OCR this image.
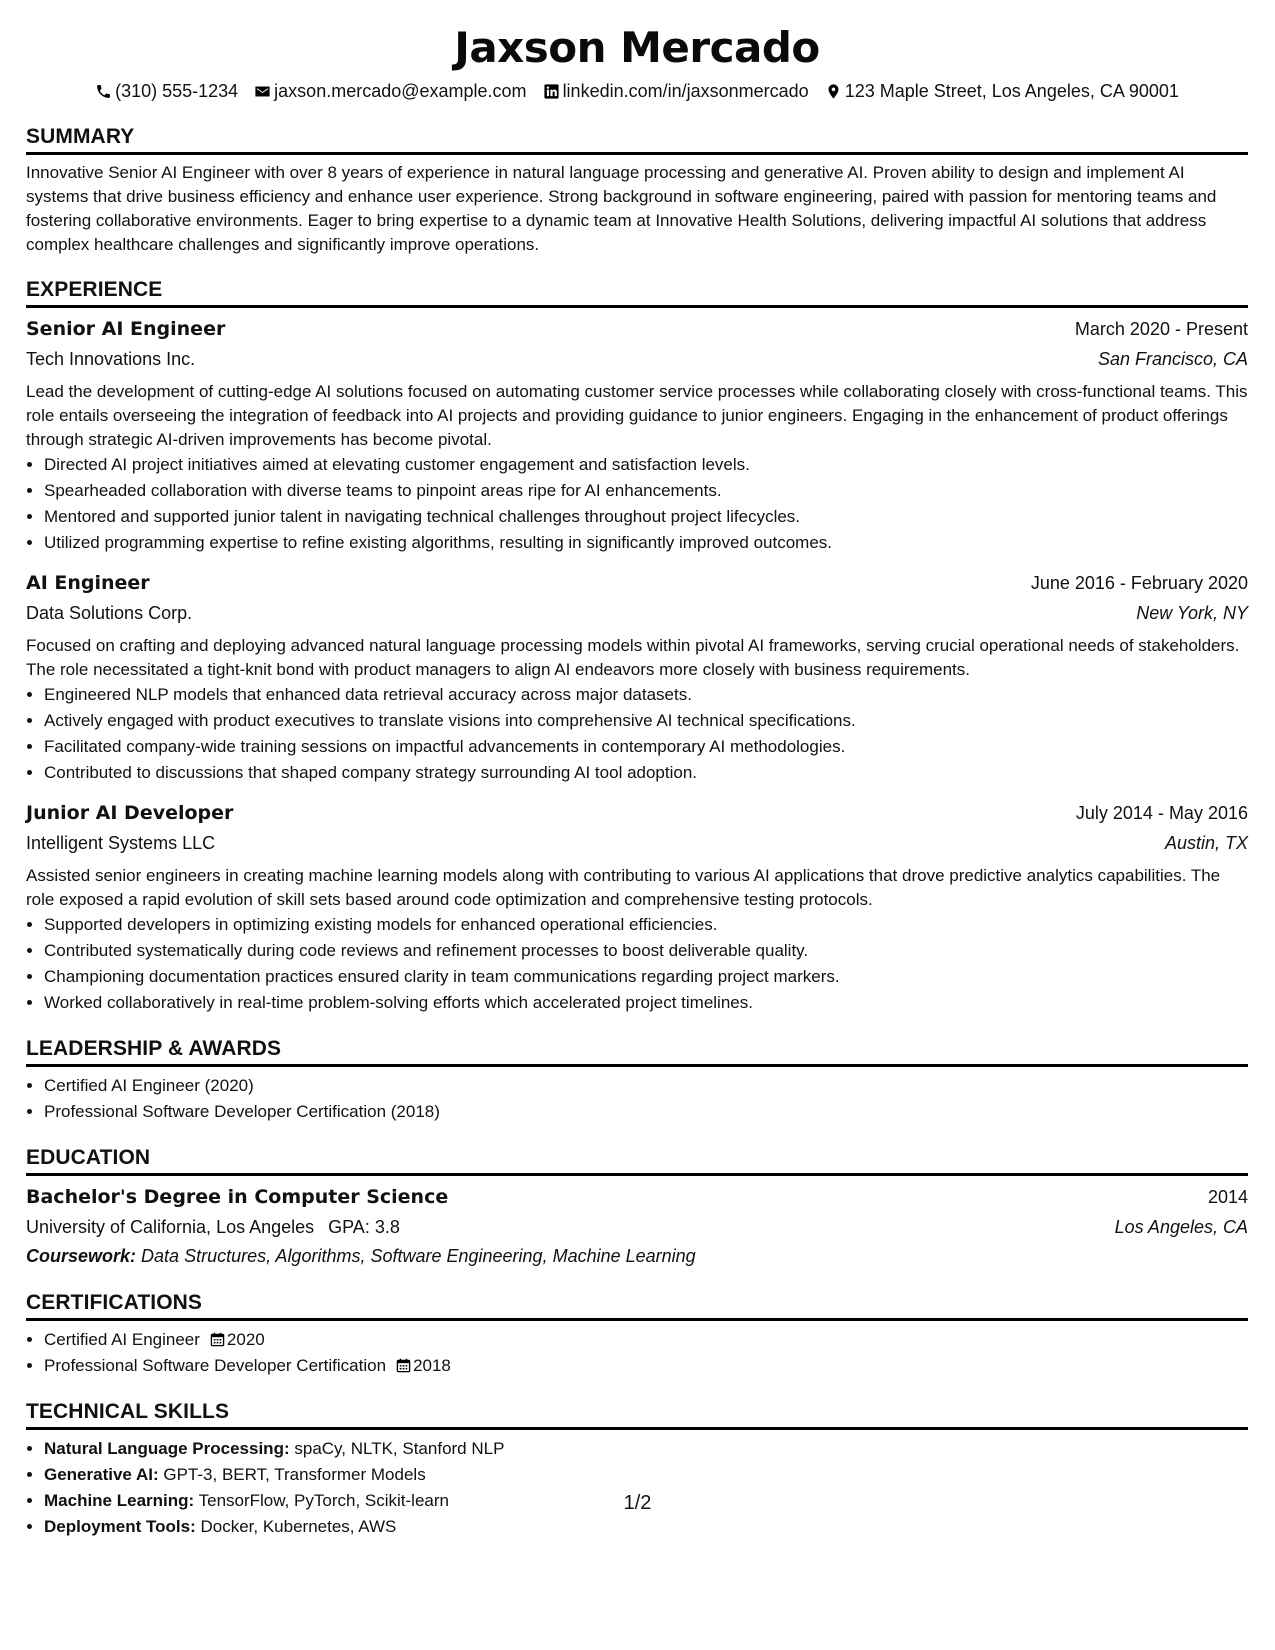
Jaxson Mercado
(310) 555-1234 jaxson.mercado@example.com linkedin.com/in/jaxsonmercado 123 Maple Street, Los Angeles, CA 90001
SUMMARY
Innovative Senior AI Engineer with over 8 years of experience in natural language processing and generative AI. Proven ability to design and implement AI systems that drive business efficiency and enhance user experience. Strong background in software engineering, paired with passion for mentoring teams and fostering collaborative environments. Eager to bring expertise to a dynamic team at Innovative Health Solutions, delivering impactful AI solutions that address complex healthcare challenges and significantly improve operations.
EXPERIENCE
Senior AI Engineer	March 2020 - Present
Tech Innovations Inc.	San Francisco, CA
Lead the development of cutting-edge AI solutions focused on automating customer service processes while collaborating closely with cross-functional teams. This role entails overseeing the integration of feedback into AI projects and providing guidance to junior engineers. Engaging in the enhancement of product offerings through strategic AI-driven improvements has become pivotal.
• Directed AI project initiatives aimed at elevating customer engagement and satisfaction levels.
• Spearheaded collaboration with diverse teams to pinpoint areas ripe for AI enhancements.
• Mentored and supported junior talent in navigating technical challenges throughout project lifecycles.
• Utilized programming expertise to refine existing algorithms, resulting in significantly improved outcomes.
AI Engineer	June 2016 - February 2020
Data Solutions Corp.	New York, NY
Focused on crafting and deploying advanced natural language processing models within pivotal AI frameworks, serving crucial operational needs of stakeholders. The role necessitated a tight-knit bond with product managers to align AI endeavors more closely with business requirements.
• Engineered NLP models that enhanced data retrieval accuracy across major datasets.
• Actively engaged with product executives to translate visions into comprehensive AI technical specifications.
• Facilitated company-wide training sessions on impactful advancements in contemporary AI methodologies.
• Contributed to discussions that shaped company strategy surrounding AI tool adoption.
Junior AI Developer	July 2014 - May 2016
Intelligent Systems LLC	Austin, TX
Assisted senior engineers in creating machine learning models along with contributing to various AI applications that drove predictive analytics capabilities. The role exposed a rapid evolution of skill sets based around code optimization and comprehensive testing protocols.
• Supported developers in optimizing existing models for enhanced operational efficiencies.
• Contributed systematically during code reviews and refinement processes to boost deliverable quality.
• Championing documentation practices ensured clarity in team communications regarding project markers.
• Worked collaboratively in real-time problem-solving efforts which accelerated project timelines.
LEADERSHIP & AWARDS
• Certified AI Engineer (2020)
• Professional Software Developer Certification (2018)
EDUCATION
Bachelor's Degree in Computer Science	2014
University of California, Los Angeles GPA: 3.8	Los Angeles, CA
Coursework: Data Structures, Algorithms, Software Engineering, Machine Learning
CERTIFICATIONS
• Certified AI Engineer 2020
• Professional Software Developer Certification 2018
TECHNICAL SKILLS
• Natural Language Processing: spaCy, NLTK, Stanford NLP
• Generative AI: GPT-3, BERT, Transformer Models
• Machine Learning: TensorFlow, PyTorch, Scikit-learn
• Deployment Tools: Docker, Kubernetes, AWS
1/2
